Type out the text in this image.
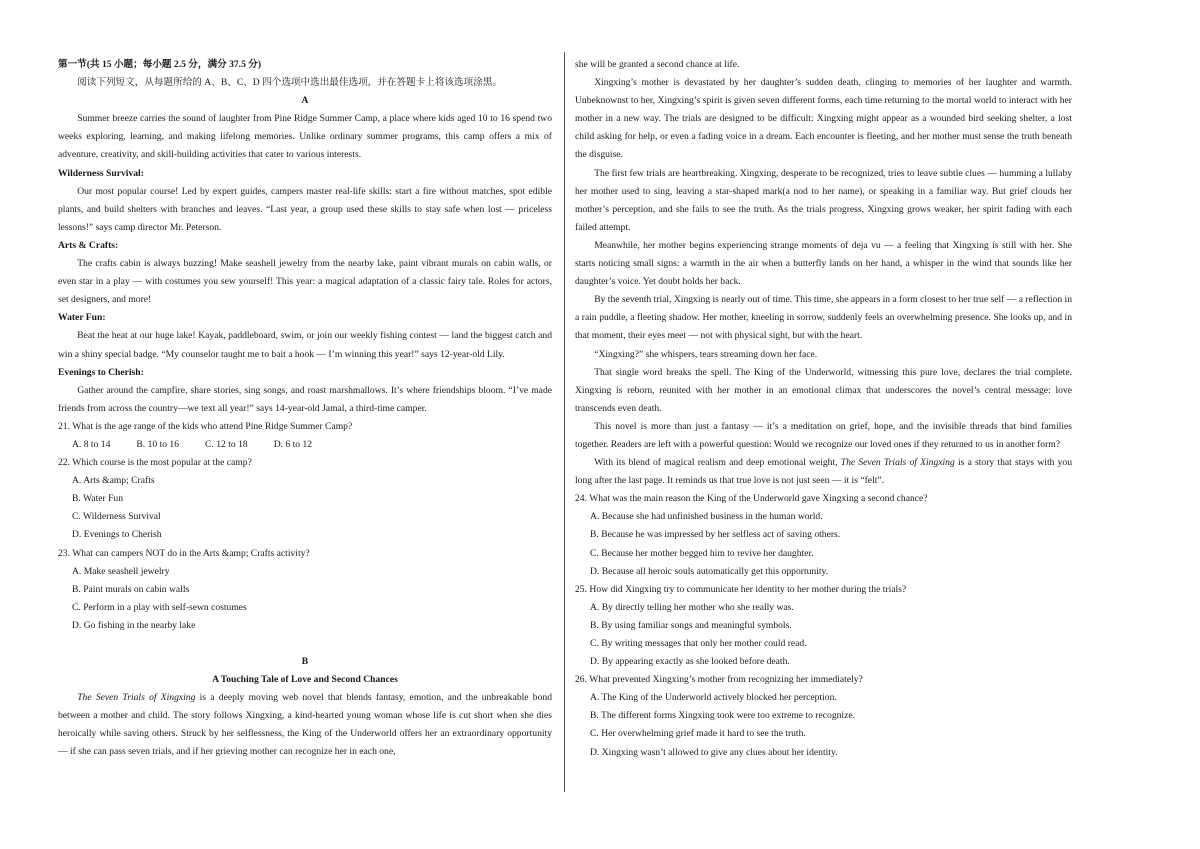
第一节(共 15 小题；每小题 2.5 分，满分 37.5 分)

阅读下列短文，从每题所给的 A、B、C、D 四个选项中选出最佳选项，并在答题卡上将该选项涂黑。

A

Summer breeze carries the sound of laughter from Pine Ridge Summer Camp, a place where kids aged 10 to 16 spend two weeks exploring, learning, and making lifelong memories. Unlike ordinary summer programs, this camp offers a mix of adventure, creativity, and skill-building activities that cater to various interests.

Wilderness Survival:

Our most popular course! Led by expert guides, campers master real-life skills: start a fire without matches, spot edible plants, and build shelters with branches and leaves. “Last year, a group used these skills to stay safe when lost — priceless lessons!” says camp director Mr. Peterson.

Arts & Crafts:

The crafts cabin is always buzzing! Make seashell jewelry from the nearby lake, paint vibrant murals on cabin walls, or even star in a play — with costumes you sew yourself! This year: a magical adaptation of a classic fairy tale. Roles for actors, set designers, and more!

Water Fun:

Beat the heat at our huge lake! Kayak, paddleboard, swim, or join our weekly fishing contest — land the biggest catch and win a shiny special badge. “My counselor taught me to bait a hook — I’m winning this year!” says 12-year-old Lily.

Evenings to Cherish:

Gather around the campfire, share stories, sing songs, and roast marshmallows. It’s where friendships bloom. “I’ve made friends from across the country—we text all year!” says 14-year-old Jamal, a third-time camper.

21. What is the age range of the kids who attend Pine Ridge Summer Camp?
A. 8 to 14	B. 10 to 16	C. 12 to 18	D. 6 to 12
22. Which course is the most popular at the camp?
A. Arts &amp; Crafts
B. Water Fun
C. Wilderness Survival
D. Evenings to Cherish
23. What can campers NOT do in the Arts &amp; Crafts activity?
A. Make seashell jewelry
B. Paint murals on cabin walls
C. Perform in a play with self-sewn costumes
D. Go fishing in the nearby lake
B
A Touching Tale of Love and Second Chances

The Seven Trials of Xingxing is a deeply moving web novel that blends fantasy, emotion, and the unbreakable bond between a mother and child. The story follows Xingxing, a kind-hearted young woman whose life is cut short when she dies heroically while saving others. Struck by her selflessness, the King of the Underworld offers her an extraordinary opportunity — if she can pass seven trials, and if her grieving mother can recognize her in each one,

she will be granted a second chance at life.

Xingxing’s mother is devastated by her daughter’s sudden death, clinging to memories of her laughter and warmth. Unbeknownst to her, Xingxing’s spirit is given seven different forms, each time returning to the mortal world to interact with her mother in a new way. The trials are designed to be difficult: Xingxing might appear as a wounded bird seeking shelter, a lost child asking for help, or even a fading voice in a dream. Each encounter is fleeting, and her mother must sense the truth beneath the disguise.

The first few trials are heartbreaking. Xingxing, desperate to be recognized, tries to leave subtle clues — humming a lullaby her mother used to sing, leaving a star-shaped mark(a nod to her name), or speaking in a familiar way. But grief clouds her mother’s perception, and she fails to see the truth. As the trials progress, Xingxing grows weaker, her spirit fading with each failed attempt.

Meanwhile, her mother begins experiencing strange moments of deja vu — a feeling that Xingxing is still with her. She starts noticing small signs: a warmth in the air when a butterfly lands on her hand, a whisper in the wind that sounds like her daughter’s voice. Yet doubt holds her back.

By the seventh trial, Xingxing is nearly out of time. This time, she appears in a form closest to her true self — a reflection in a rain puddle, a fleeting shadow. Her mother, kneeling in sorrow, suddenly feels an overwhelming presence. She looks up, and in that moment, their eyes meet — not with physical sight, but with the heart.

“Xingxing?” she whispers, tears streaming down her face.

That single word breaks the spell. The King of the Underworld, witnessing this pure love, declares the trial complete. Xingxing is reborn, reunited with her mother in an emotional climax that underscores the novel’s central message: love transcends even death.

This novel is more than just a fantasy — it’s a meditation on grief, hope, and the invisible threads that bind families together. Readers are left with a powerful question: Would we recognize our loved ones if they returned to us in another form?

With its blend of magical realism and deep emotional weight, The Seven Trials of Xingxing is a story that stays with you long after the last page. It reminds us that true love is not just seen — it is “felt”.

24. What was the main reason the King of the Underworld gave Xingxing a second chance?
A. Because she had unfinished business in the human world.
B. Because he was impressed by her selfless act of saving others.
C. Because her mother begged him to revive her daughter.
D. Because all heroic souls automatically get this opportunity.
25. How did Xingxing try to communicate her identity to her mother during the trials?
A. By directly telling her mother who she really was.
B. By using familiar songs and meaningful symbols.
C. By writing messages that only her mother could read.
D. By appearing exactly as she looked before death.
26. What prevented Xingxing’s mother from recognizing her immediately?
A. The King of the Underworld actively blocked her perception.
B. The different forms Xingxing took were too extreme to recognize.
C. Her overwhelming grief made it hard to see the truth.
D. Xingxing wasn’t allowed to give any clues about her identity.
